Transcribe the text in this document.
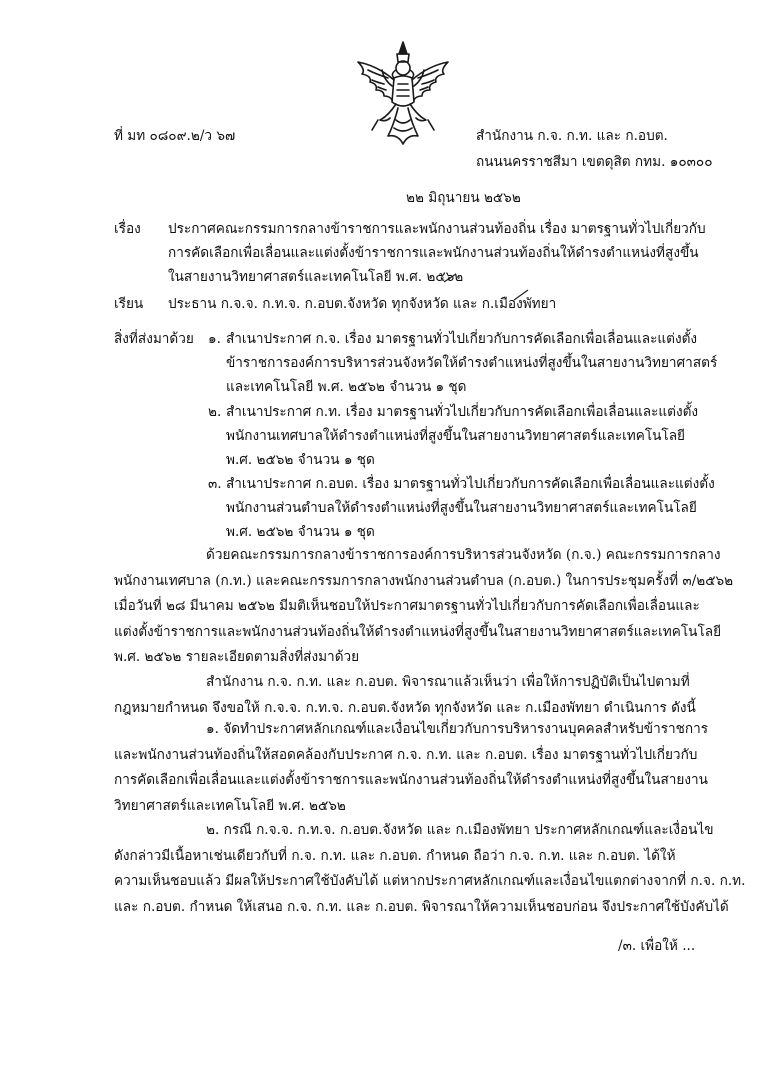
ที่ มท ๐๘๐๙.๒/ว ๖๗	สำนักงาน ก.จ. ก.ท. และ ก.อบต.
ถนนนครราชสีมา เขตดุสิต กทม. ๑๐๓๐๐
๒๒ มิถุนายน ๒๕๖๒
เรื่อง ประกาศคณะกรรมการกลางข้าราชการและพนักงานส่วนท้องถิ่น เรื่อง มาตรฐานทั่วไปเกี่ยวกับ
การคัดเลือกเพื่อเลื่อนและแต่งตั้งข้าราชการและพนักงานส่วนท้องถิ่นให้ดำรงตำแหน่งที่สูงขึ้น
ในสายงานวิทยาศาสตร์และเทคโนโลยี พ.ศ. ๒๕๖๒
เรียน ประธาน ก.จ.จ. ก.ท.จ. ก.อบต.จังหวัด ทุกจังหวัด และ ก.เมืองพัทยา
สิ่งที่ส่งมาด้วย ๑. สำเนาประกาศ ก.จ. เรื่อง มาตรฐานทั่วไปเกี่ยวกับการคัดเลือกเพื่อเลื่อนและแต่งตั้ง
ข้าราชการองค์การบริหารส่วนจังหวัดให้ดำรงตำแหน่งที่สูงขึ้นในสายงานวิทยาศาสตร์
และเทคโนโลยี พ.ศ. ๒๕๖๒ จำนวน ๑ ชุด
๒. สำเนาประกาศ ก.ท. เรื่อง มาตรฐานทั่วไปเกี่ยวกับการคัดเลือกเพื่อเลื่อนและแต่งตั้ง
พนักงานเทศบาลให้ดำรงตำแหน่งที่สูงขึ้นในสายงานวิทยาศาสตร์และเทคโนโลยี
พ.ศ. ๒๕๖๒ จำนวน ๑ ชุด
๓. สำเนาประกาศ ก.อบต. เรื่อง มาตรฐานทั่วไปเกี่ยวกับการคัดเลือกเพื่อเลื่อนและแต่งตั้ง
พนักงานส่วนตำบลให้ดำรงตำแหน่งที่สูงขึ้นในสายงานวิทยาศาสตร์และเทคโนโลยี
พ.ศ. ๒๕๖๒ จำนวน ๑ ชุด
ด้วยคณะกรรมการกลางข้าราชการองค์การบริหารส่วนจังหวัด (ก.จ.) คณะกรรมการกลาง
พนักงานเทศบาล (ก.ท.) และคณะกรรมการกลางพนักงานส่วนตำบล (ก.อบต.) ในการประชุมครั้งที่ ๓/๒๕๖๒
เมื่อวันที่ ๒๘ มีนาคม ๒๕๖๒ มีมติเห็นชอบให้ประกาศมาตรฐานทั่วไปเกี่ยวกับการคัดเลือกเพื่อเลื่อนและ
แต่งตั้งข้าราชการและพนักงานส่วนท้องถิ่นให้ดำรงตำแหน่งที่สูงขึ้นในสายงานวิทยาศาสตร์และเทคโนโลยี
พ.ศ. ๒๕๖๒ รายละเอียดตามสิ่งที่ส่งมาด้วย
สำนักงาน ก.จ. ก.ท. และ ก.อบต. พิจารณาแล้วเห็นว่า เพื่อให้การปฏิบัติเป็นไปตามที่
กฎหมายกำหนด จึงขอให้ ก.จ.จ. ก.ท.จ. ก.อบต.จังหวัด ทุกจังหวัด และ ก.เมืองพัทยา ดำเนินการ ดังนี้
๑. จัดทำประกาศหลักเกณฑ์และเงื่อนไขเกี่ยวกับการบริหารงานบุคคลสำหรับข้าราชการ
และพนักงานส่วนท้องถิ่นให้สอดคล้องกับประกาศ ก.จ. ก.ท. และ ก.อบต. เรื่อง มาตรฐานทั่วไปเกี่ยวกับ
การคัดเลือกเพื่อเลื่อนและแต่งตั้งข้าราชการและพนักงานส่วนท้องถิ่นให้ดำรงตำแหน่งที่สูงขึ้นในสายงาน
วิทยาศาสตร์และเทคโนโลยี พ.ศ. ๒๕๖๒
๒. กรณี ก.จ.จ. ก.ท.จ. ก.อบต.จังหวัด และ ก.เมืองพัทยา ประกาศหลักเกณฑ์และเงื่อนไข
ดังกล่าวมีเนื้อหาเช่นเดียวกับที่ ก.จ. ก.ท. และ ก.อบต. กำหนด ถือว่า ก.จ. ก.ท. และ ก.อบต. ได้ให้
ความเห็นชอบแล้ว มีผลให้ประกาศใช้บังคับได้ แต่หากประกาศหลักเกณฑ์และเงื่อนไขแตกต่างจากที่ ก.จ. ก.ท.
และ ก.อบต. กำหนด ให้เสนอ ก.จ. ก.ท. และ ก.อบต. พิจารณาให้ความเห็นชอบก่อน จึงประกาศใช้บังคับได้
/๓. เพื่อให้ ...
